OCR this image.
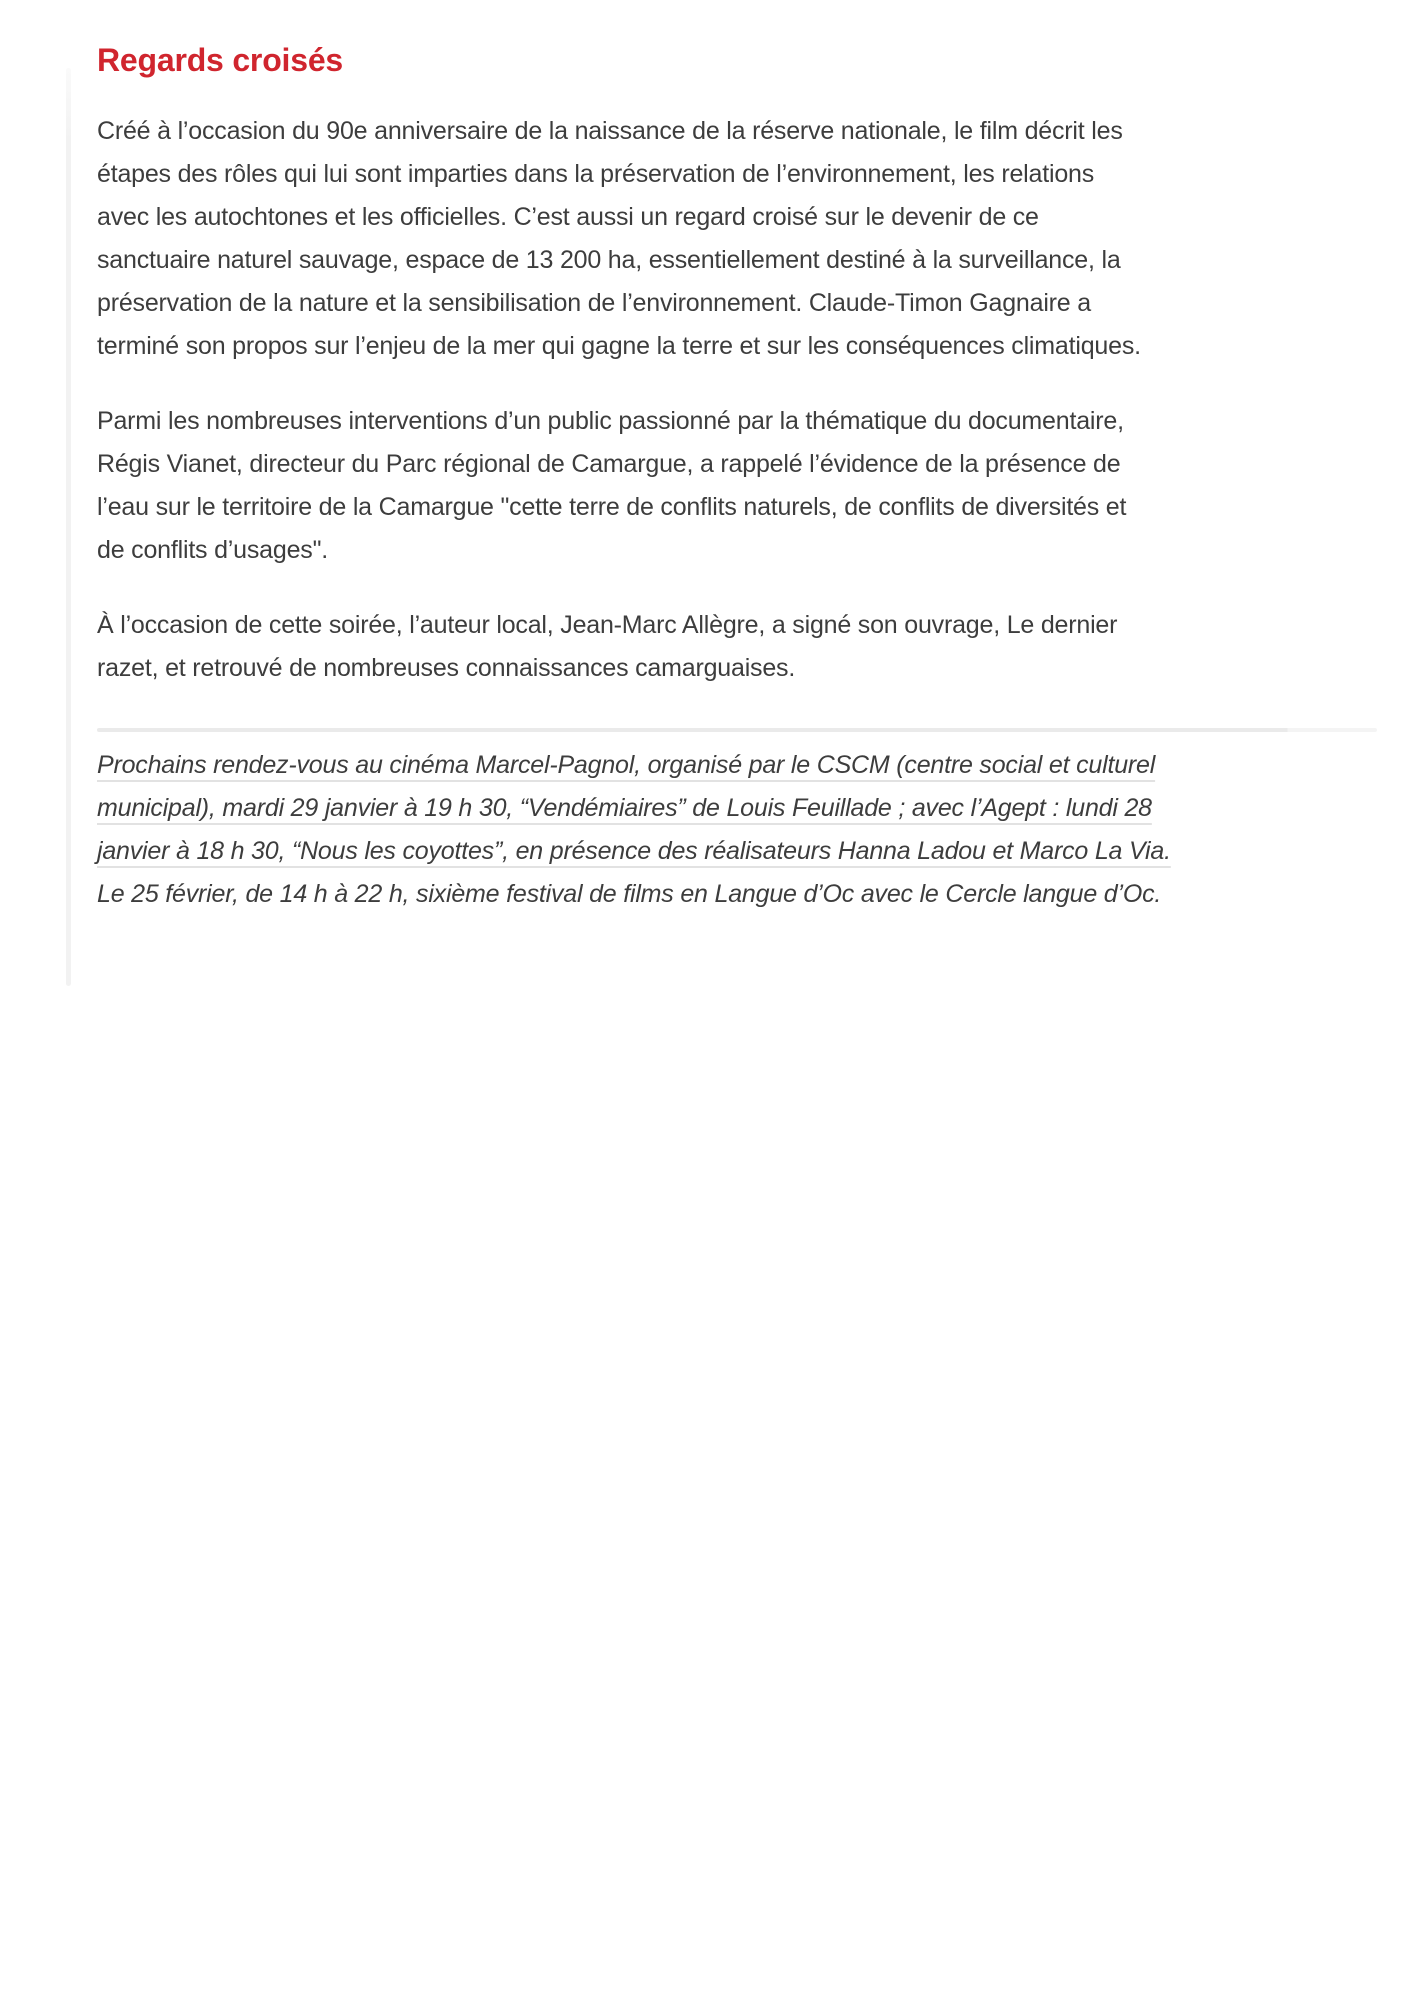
Regards croisés

Créé à l’occasion du 90e anniversaire de la naissance de la réserve nationale, le film décrit les étapes des rôles qui lui sont imparties dans la préservation de l’environnement, les relations avec les autochtones et les officielles. C’est aussi un regard croisé sur le devenir de ce sanctuaire naturel sauvage, espace de 13 200 ha, essentiellement destiné à la surveillance, la préservation de la nature et la sensibilisation de l’environnement. Claude-Timon Gagnaire a terminé son propos sur l’enjeu de la mer qui gagne la terre et sur les conséquences climatiques.

Parmi les nombreuses interventions d’un public passionné par la thématique du documentaire, Régis Vianet, directeur du Parc régional de Camargue, a rappelé l’évidence de la présence de l’eau sur le territoire de la Camargue "cette terre de conflits naturels, de conflits de diversités et de conflits d’usages".

À l’occasion de cette soirée, l’auteur local, Jean-Marc Allègre, a signé son ouvrage, Le dernier razet, et retrouvé de nombreuses connaissances camarguaises.

Prochains rendez-vous au cinéma Marcel-Pagnol, organisé par le CSCM (centre social et culturel municipal), mardi 29 janvier à 19 h 30, “Vendémiaires” de Louis Feuillade ; avec l’Agept : lundi 28 janvier à 18 h 30, “Nous les coyottes”, en présence des réalisateurs Hanna Ladou et Marco La Via. Le 25 février, de 14 h à 22 h, sixième festival de films en Langue d’Oc avec le Cercle langue d’Oc.
